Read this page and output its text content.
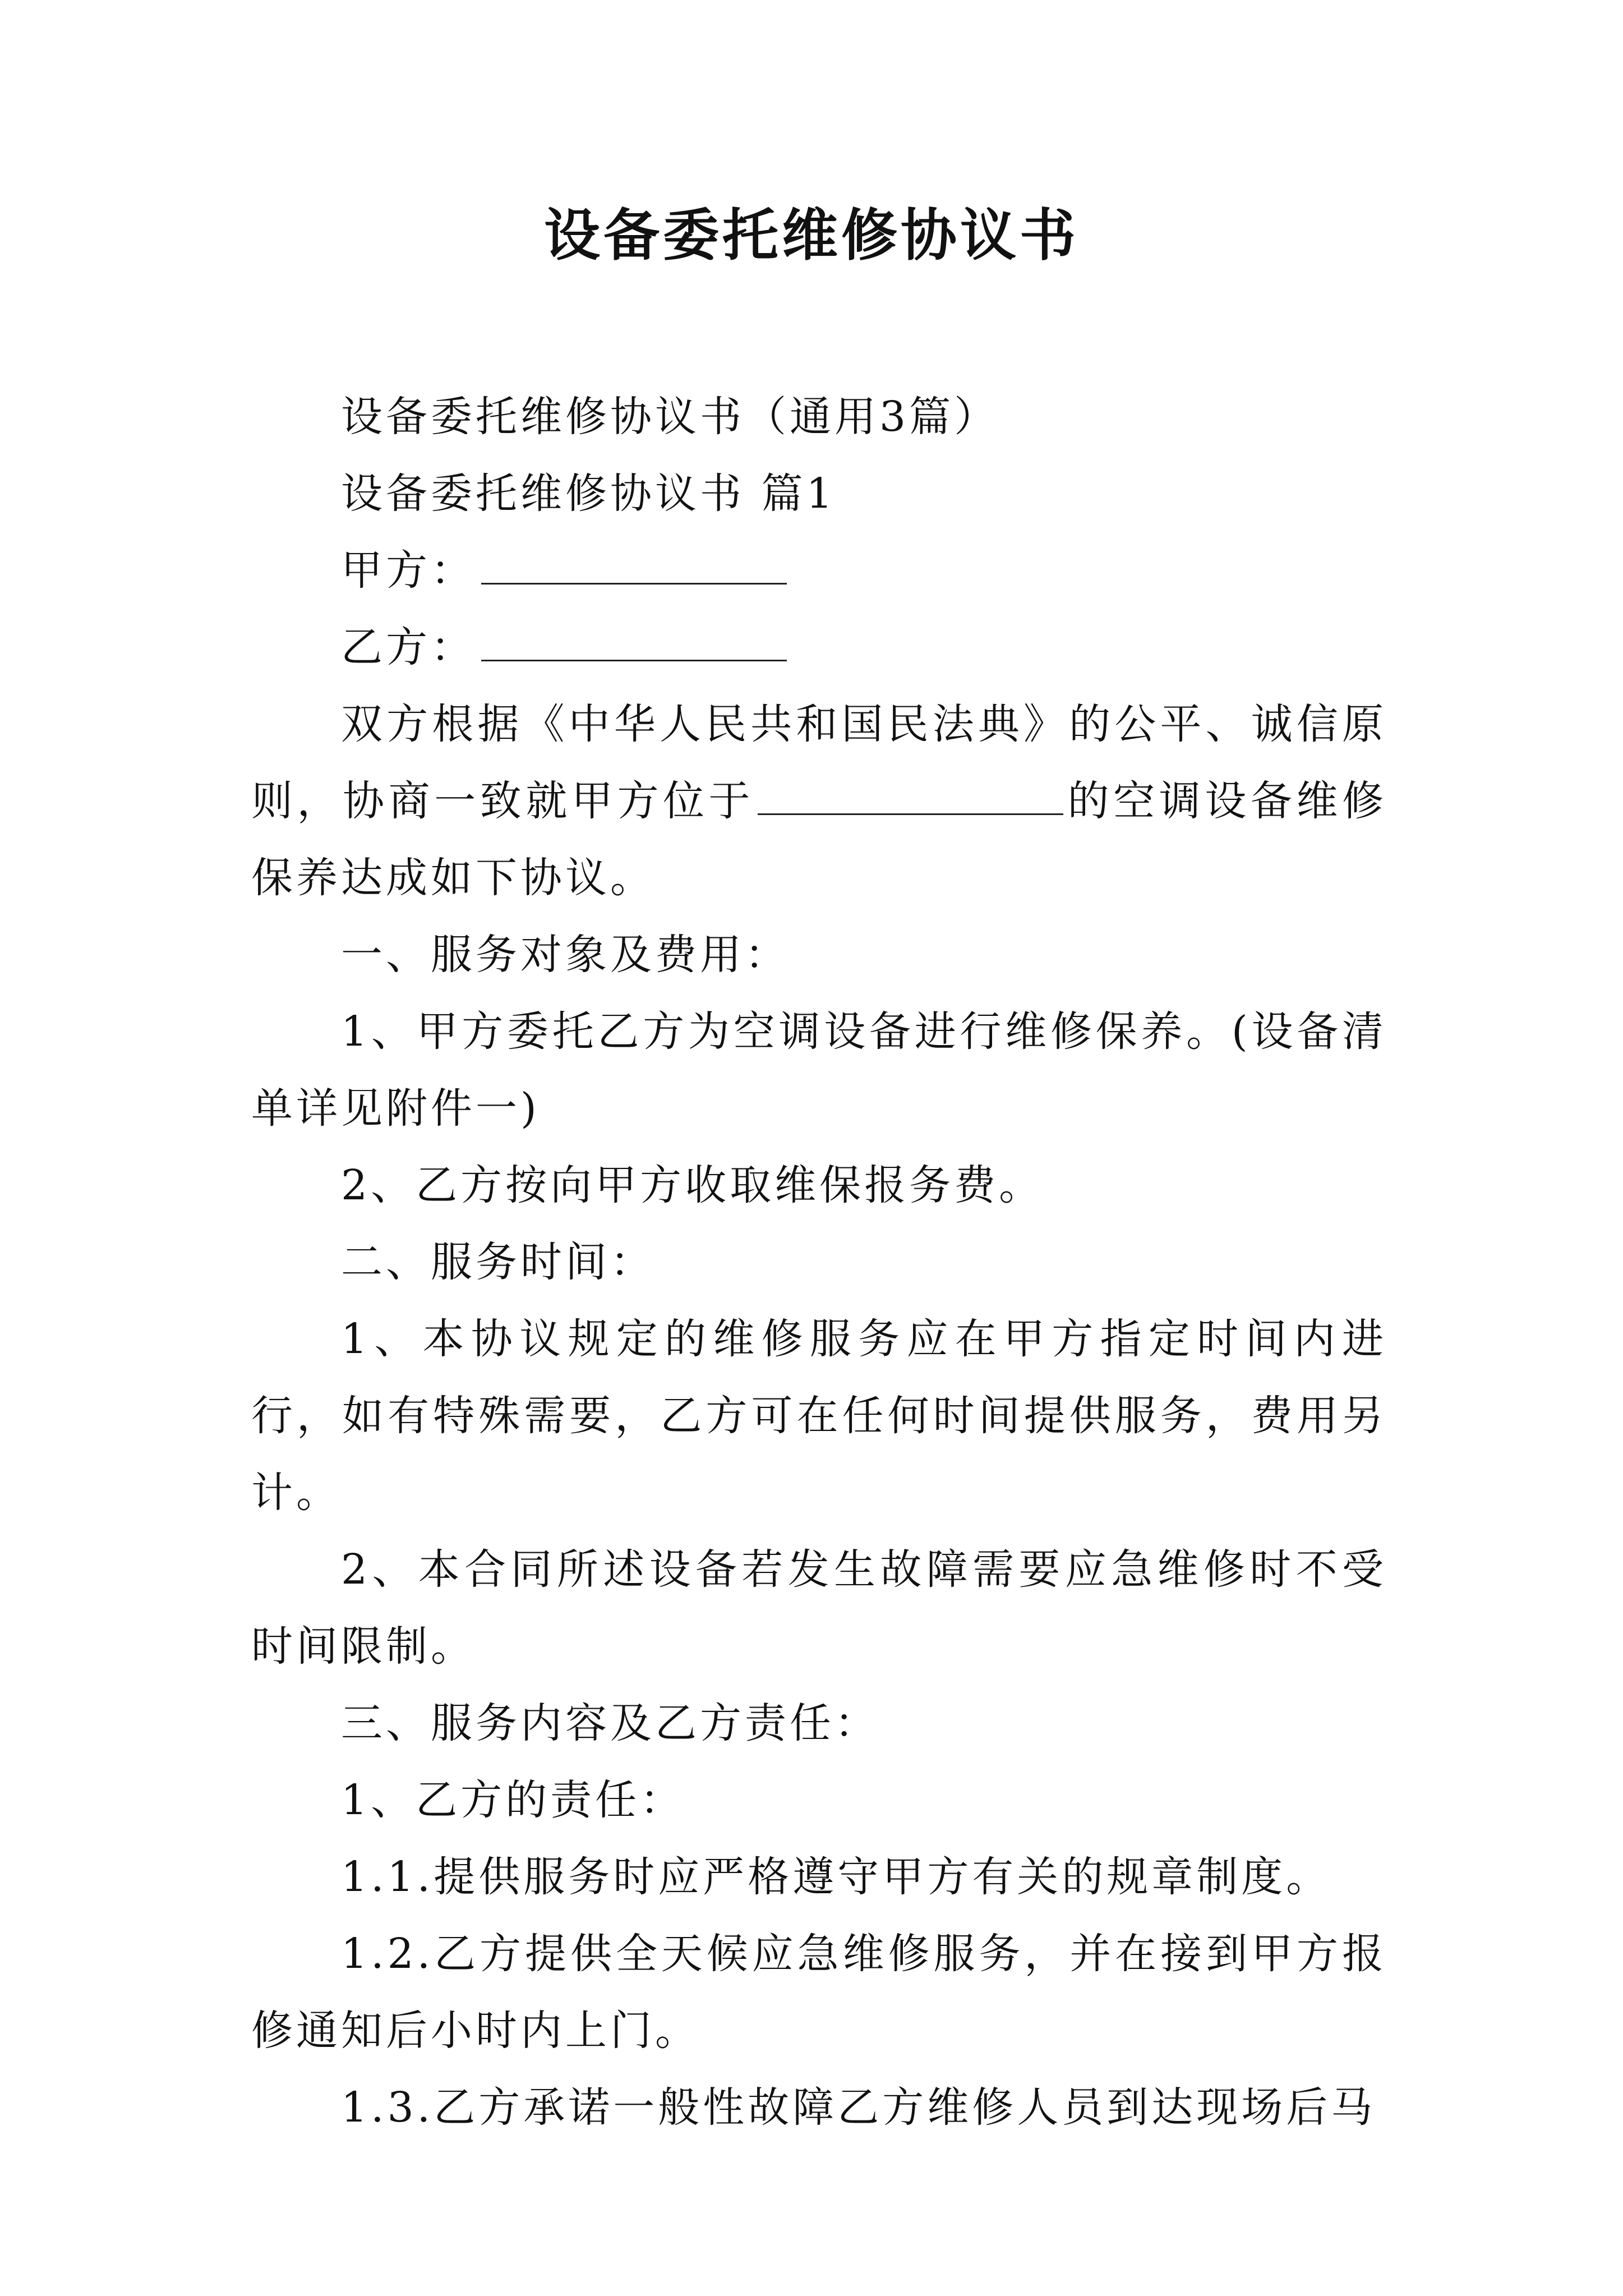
设备委托维修协议书

设备委托维修协议书（通用3篇）

设备委托维修协议书 篇1

甲方：

乙方：

双方根据《中华人民共和国民法典》的公平、诚信原则，协商一致就甲方位于	的空调设备维修保养达成如下协议。

一、服务对象及费用：

1、甲方委托乙方为空调设备进行维修保养。(设备清单详见附件一)

2、乙方按向甲方收取维保报务费。

二、服务时间：

1、本协议规定的维修服务应在甲方指定时间内进行，如有特殊需要，乙方可在任何时间提供服务，费用另计。

2、本合同所述设备若发生故障需要应急维修时不受时间限制。

三、服务内容及乙方责任：

1、乙方的责任：

1.1.提供服务时应严格遵守甲方有关的规章制度。

1.2.乙方提供全天候应急维修服务，并在接到甲方报修通知后小时内上门。

1.3.乙方承诺一般性故障乙方维修人员到达现场后马
